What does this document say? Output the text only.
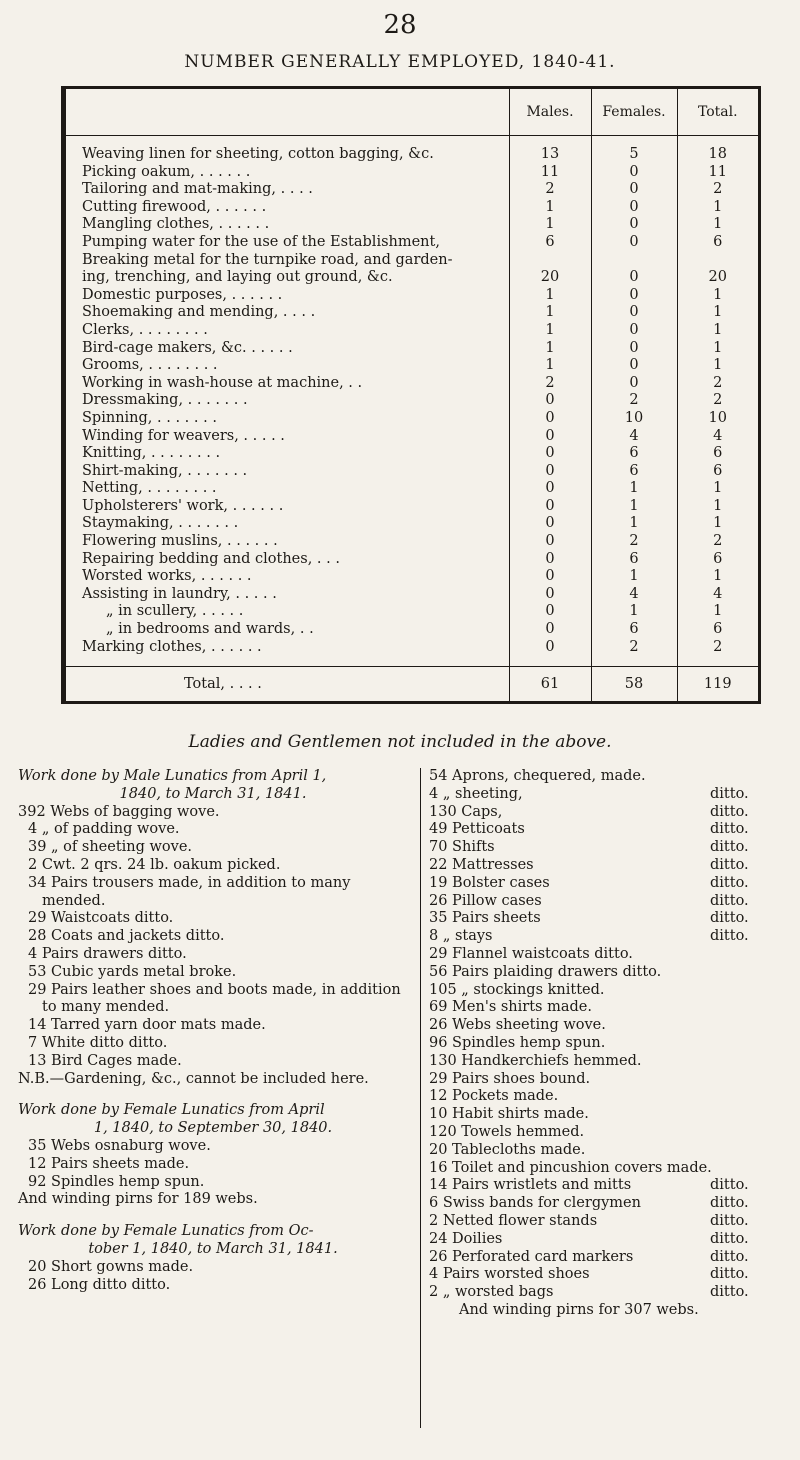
28
NUMBER GENERALLY EMPLOYED, 1840-41.
	Males.	Females.	Total.

Weaving linen for sheeting, cotton bagging, &c.	13	5	18
Picking oakum, . . . . . .	11	0	11
Tailoring and mat-making, . . . .	2	0	2
Cutting firewood, . . . . . .	1	0	1
Mangling clothes, . . . . . .	1	0	1
Pumping water for the use of the Establishment,	6	0	6
Breaking metal for the turnpike road, and garden-			
ing, trenching, and laying out ground, &c.	20	0	20
Domestic purposes, . . . . . .	1	0	1
Shoemaking and mending, . . . .	1	0	1
Clerks, . . . . . . . .	1	0	1
Bird-cage makers, &c. . . . . .	1	0	1
Grooms, . . . . . . . .	1	0	1
Working in wash-house at machine, . .	2	0	2
Dressmaking, . . . . . . .	0	2	2
Spinning, . . . . . . .	0	10	10
Winding for weavers, . . . . .	0	4	4
Knitting, . . . . . . . .	0	6	6
Shirt-making, . . . . . . .	0	6	6
Netting, . . . . . . . .	0	1	1
Upholsterers' work, . . . . . .	0	1	1
Staymaking, . . . . . . .	0	1	1
Flowering muslins, . . . . . .	0	2	2
Repairing bedding and clothes, . . .	0	6	6
Worsted works, . . . . . .	0	1	1
Assisting in laundry, . . . . .	0	4	4
„ in scullery, . . . . .	0	1	1
„ in bedrooms and wards, . .	0	6	6
Marking clothes, . . . . . .	0	2	2

Total, . . . .	61	58	119
Ladies and Gentlemen not included in the above.
Work done by Male Lunatics from April 1,
1840, to March 31, 1841.
392 Webs of bagging wove.
4 „ of padding wove.
39 „ of sheeting wove.
2 Cwt. 2 qrs. 24 lb. oakum picked.
34 Pairs trousers made, in addition to many mended.
29 Waistcoats ditto.
28 Coats and jackets ditto.
4 Pairs drawers ditto.
53 Cubic yards metal broke.
29 Pairs leather shoes and boots made, in addition to many mended.
14 Tarred yarn door mats made.
7 White ditto ditto.
13 Bird Cages made.
N.B.—Gardening, &c., cannot be included here.
Work done by Female Lunatics from April
1, 1840, to September 30, 1840.
35 Webs osnaburg wove.
12 Pairs sheets made.
92 Spindles hemp spun.
And winding pirns for 189 webs.
Work done by Female Lunatics from Oc-
tober 1, 1840, to March 31, 1841.
20 Short gowns made.
26 Long ditto ditto.
54 Aprons, chequered, made.
4 „ sheeting,	ditto.
130 Caps,	ditto.
49 Petticoats	ditto.
70 Shifts	ditto.
22 Mattresses	ditto.
19 Bolster cases	ditto.
26 Pillow cases	ditto.
35 Pairs sheets	ditto.
8 „ stays	ditto.
29 Flannel waistcoats ditto.
56 Pairs plaiding drawers ditto.
105 „ stockings knitted.
69 Men's shirts made.
26 Webs sheeting wove.
96 Spindles hemp spun.
130 Handkerchiefs hemmed.
29 Pairs shoes bound.
12 Pockets made.
10 Habit shirts made.
120 Towels hemmed.
20 Tablecloths made.
16 Toilet and pincushion covers made.
14 Pairs wristlets and mitts	ditto.
6 Swiss bands for clergymen	ditto.
2 Netted flower stands	ditto.
24 Doilies	ditto.
26 Perforated card markers	ditto.
4 Pairs worsted shoes	ditto.
2 „ worsted bags	ditto.
And winding pirns for 307 webs.
